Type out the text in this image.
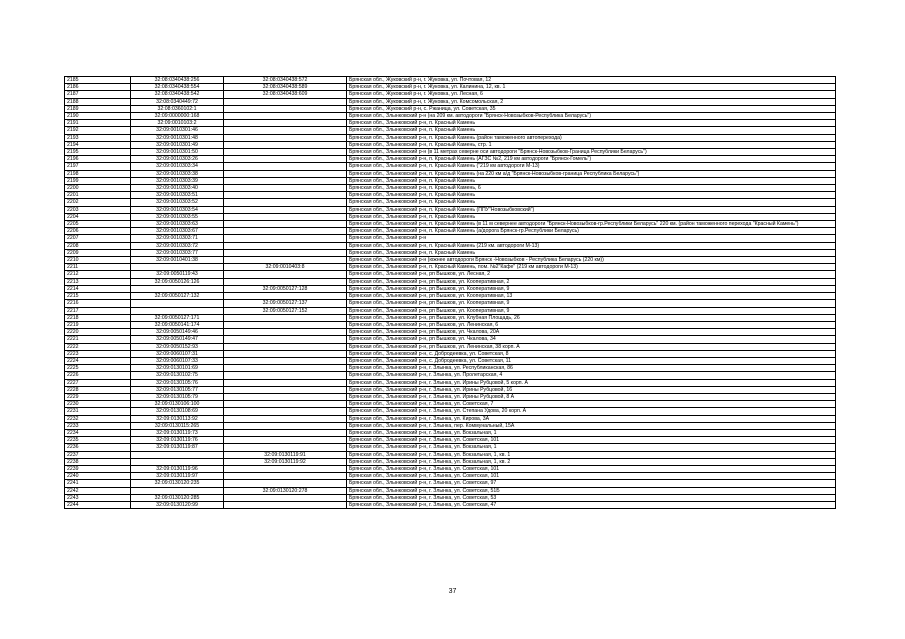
2185	32:08:0340438:256	32:08:0340438:572	Брянская обл., Жуковский р-н, г. Жуковка, ул. Почтовая, 12
2186	32:08:0340438:554	32:08:0340438:589	Брянская обл., Жуковский р-н, г. Жуковка, ул. Калинина, 12, кв. 1
2187	32:08:0340438:542	32:08:0340438:609	Брянская обл., Жуковский р-н, г. Жуковка, ул. Лесная, 6
2188	32:08:0340449:72		Брянская обл., Жуковский р-н, г. Жуковка, ул. Комсомольская, 2
2189	32:08:0360102:1		Брянская обл., Жуковский р-н, с. Ржаница, ул. Советская, 35
2190	32:09:0000000:168		Брянская обл., Злынковский р-н (на 209 км. автодороги "Брянск-Новозыбков-Республика Беларусь")
2191	32:09:0010103:2		Брянская обл., Злынковский р-н, п. Красный Камень
2192	32:09:0010301:46		Брянская обл., Злынковский р-н, п. Красный Камень
2193	32:09:0010301:48		Брянская обл., Злынковский р-н, п. Красный Камень (район таможенного автоперехода)
2194	32:09:0010301:49		Брянская обл., Злынковский р-н, п. Красный Камень, стр. 1
2195	32:09:0010301:50		Брянская обл., Злынковский р-н (в 11 метрах северне оси автодороги "Брянск-Новозыбков-Граница Республики Беларусь")
2196	32:09:0010303:26		Брянская обл., Злынковский р-н, п. Красный Камень (АГЗС №2, 219 км автодороги "Брянск-Гомель")
2197	32:09:0010303:34		Брянская обл., Злынковский р-н, п. Красный Камень ("219 км автодороги М-13)
2198	32:09:0010303:38		Брянская обл., Злынковский р-н, п. Красный Камень (на 220 км а/д "Брянск-Новозыбков-граница Республика Беларусь")
2199	32:09:0010303:39		Брянская обл., Злынковский р-н, п. Красный Камень
2200	32:09:0010303:40		Брянская обл., Злынковский р-н, п. Красный Камень, 6
2201	32:09:0010303:51		Брянская обл., Злынковский р-н, п. Красный Камень
2202	32:09:0010303:52		Брянская обл., Злынковский р-н, п. Красный Камень
2203	32:09:0010303:54		Брянская обл., Злынковский р-н, п. Красный Камень (ППУ"Новозыбковский")
2204	32:09:0010303:55		Брянская обл., Злынковский р-н, п. Красный Камень
2205	32:09:0010303:63		Брянская обл., Злынковский р-н, п. Красный Камень (в 11 м севернее автодороги "Брянск-Новозыбков-гр.Республики Беларусь" 220 км. (район таможенного перехода "Красный Камень")
2206	32:09:0010303:67		Брянская обл., Злынковский р-н, п. Красный Камень (а/дорога Брянск-гр.Республики Беларусь)
2207	32:09:0010303:71		Брянская обл., Злынковский р-н
2208	32:09:0010303:72		Брянская обл., Злынковский р-н, п. Красный Камень (219 км. автодороги М-13)
2209	32:09:0010303:77		Брянская обл., Злынковский р-н, п. Красный Камень
2210	32:09:0010401:38		Брянская обл., Злынковский р-н (южнее автодороги Брянск -Новозыбков - Республика Беларусь (220 км))
2211		32:09:0010403:8	Брянская обл., Злынковский р-н, п. Красный Камень, пом. №2"Кафе" (219 км автодороги М-13)
2212	32:09:0050119:43		Брянская обл., Злынковский р-н, рп Вышков, ул. Лесная, 2
2213	32:09:0050126:126		Брянская обл., Злынковский р-н, рп Вышков, ул. Кооперативная, 2
2214		32:09:0050127:128	Брянская обл., Злынковский р-н, рп Вышков, ул. Кооперативная, 9
2215	32:09:0050127:132		Брянская обл., Злынковский р-н, рп Вышков, ул. Кооперативная, 13
2216		32:09:0050127:137	Брянская обл., Злынковский р-н, рп Вышков, ул. Кооперативная, 9
2217		32:09:0050127:152	Брянская обл., Злынковский р-н, рп Вышков, ул. Кооперативная, 9
2218	32:09:0050127:171		Брянская обл., Злынковский р-н, рп Вышков, ул. Клубная Площадь, 26
2219	32:09:0050141:174		Брянская обл., Злынковский р-н, рп Вышков, ул. Ленинская, 6
2220	32:09:0050149:46		Брянская обл., Злынковский р-н, рп Вышков, ул. Чкалова, 20А
2221	32:09:0050149:47		Брянская обл., Злынковский р-н, рп Вышков, ул. Чкалова, 34
2222	32:09:0050152:93		Брянская обл., Злынковский р-н, рп Вышков, ул. Ленинская, 38 корп. А
2223	32:09:0060107:31		Брянская обл., Злынковский р-н, с. Добродеевка, ул. Советская, 8
2224	32:09:0060107:33		Брянская обл., Злынковский р-н, с. Добродеевка, ул. Советская, 11
2225	32:09:0130101:69		Брянская обл., Злынковский р-н, г. Злынка, ул. Республиканская, 86
2226	32:09:0130102:75		Брянская обл., Злынковский р-н, г. Злынка, ул. Пролетарская, 4
2227	32:09:0130105:76		Брянская обл., Злынковский р-н, г. Злынка, ул. Ирины Рубцовой, 5 корп. А
2228	32:09:0130105:77		Брянская обл., Злынковский р-н, г. Злынка, ул. Ирины Рубцовой, 16
2229	32:09:0130105:79		Брянская обл., Злынковский р-н, г. Злынка, ул. Ирины Рубцовой, 8 А
2230	32:09:0130106:100		Брянская обл., Злынковский р-н, г. Злынка, ул. Советская, 7
2231	32:09:0130108:69		Брянская обл., Злынковский р-н, г. Злынка, ул. Степана Удова, 20 корп. А
2232	32:09:0130113:92		Брянская обл., Злынковский р-н, г. Злынка, ул. Кирова, 3А
2233	32:09:0130115:265		Брянская обл., Злынковский р-н, г. Злынка, пер. Коммунальный, 15А
2234	32:09:0130119:73		Брянская обл., Злынковский р-н, г. Злынка, ул. Вокзальная, 1
2235	32:09:0130119:76		Брянская обл., Злынковский р-н, г. Злынка, ул. Советская, 101
2236	32:09:0130119:87		Брянская обл., Злынковский р-н, г. Злынка, ул. Вокзальная, 1
2237		32:09:0130119:91	Брянская обл., Злынковский р-н, г. Злынка, ул. Вокзальная, 1, кв. 1
2238		32:09:0130119:92	Брянская обл., Злынковский р-н, г. Злынка, ул. Вокзальная, 1, кв. 2
2239	32:09:0130119:96		Брянская обл., Злынковский р-н, г. Злынка, ул. Советская, 101
2240	32:09:0130119:97		Брянская обл., Злынковский р-н, г. Злынка, ул. Советская, 101
2241	32:09:0130120:235		Брянская обл., Злынковский р-н, г. Злынка, ул. Советская, 97
2242		32:09:0130120:278	Брянская обл., Злынковский р-н, г. Злынка, ул. Советская, 51Б
2243	32:09:0130120:285		Брянская обл., Злынковский р-н, г. Злынка, ул. Советская, 53
2244	32:09:0130120:99		Брянская обл., Злынковский р-н, г. Злынка, ул. Советская, 47
37
